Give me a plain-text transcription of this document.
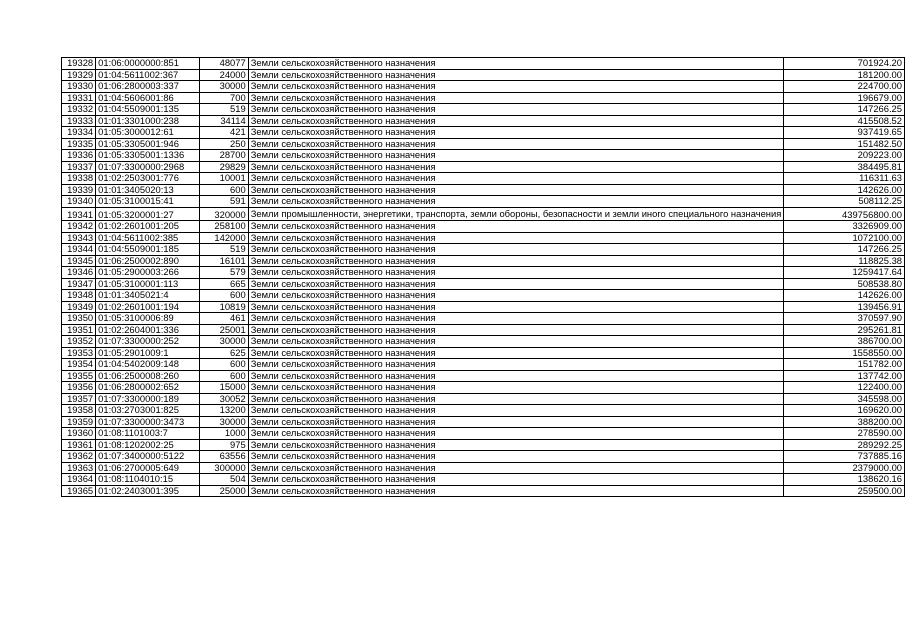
19328	01:06:0000000:851	48077	Земли сельскохозяйственного назначения	701924.20
19329	01:04:5611002:367	24000	Земли сельскохозяйственного назначения	181200.00
19330	01:06:2800003:337	30000	Земли сельскохозяйственного назначения	224700.00
19331	01:04:5606001:86	700	Земли сельскохозяйственного назначения	196679.00
19332	01:04:5509001:135	519	Земли сельскохозяйственного назначения	147266.25
19333	01:01:3301000:238	34114	Земли сельскохозяйственного назначения	415508.52
19334	01:05:3000012:61	421	Земли сельскохозяйственного назначения	937419.65
19335	01:05:3305001:946	250	Земли сельскохозяйственного назначения	151482.50
19336	01:05:3305001:1336	28700	Земли сельскохозяйственного назначения	209223.00
19337	01:07:3300000:2968	29829	Земли сельскохозяйственного назначения	384495.81
19338	01:02:2503001:776	10001	Земли сельскохозяйственного назначения	116311.63
19339	01:01:3405020:13	600	Земли сельскохозяйственного назначения	142626.00
19340	01:05:3100015:41	591	Земли сельскохозяйственного назначения	508112.25
19341	01:05:3200001:27	320000	Земли промышленности, энергетики, транспорта, земли обороны, безопасности и земли иного специального назначения	439756800.00
19342	01:02:2601001:205	258100	Земли сельскохозяйственного назначения	3326909.00
19343	01:04:5611002:385	142000	Земли сельскохозяйственного назначения	1072100.00
19344	01:04:5509001:185	519	Земли сельскохозяйственного назначения	147266.25
19345	01:06:2500002:890	16101	Земли сельскохозяйственного назначения	118825.38
19346	01:05:2900003:266	579	Земли сельскохозяйственного назначения	1259417.64
19347	01:05:3100001:113	665	Земли сельскохозяйственного назначения	508538.80
19348	01:01:3405021:4	600	Земли сельскохозяйственного назначения	142626.00
19349	01:02:2601001:194	10819	Земли сельскохозяйственного назначения	139456.91
19350	01:05:3100006:89	461	Земли сельскохозяйственного назначения	370597.90
19351	01:02:2604001:336	25001	Земли сельскохозяйственного назначения	295261.81
19352	01:07:3300000:252	30000	Земли сельскохозяйственного назначения	386700.00
19353	01:05:2901009:1	625	Земли сельскохозяйственного назначения	1558550.00
19354	01:04:5402009:148	600	Земли сельскохозяйственного назначения	151782.00
19355	01:06:2500008:260	600	Земли сельскохозяйственного назначения	137742.00
19356	01:06:2800002:652	15000	Земли сельскохозяйственного назначения	122400.00
19357	01:07:3300000:189	30052	Земли сельскохозяйственного назначения	345598.00
19358	01:03:2703001:825	13200	Земли сельскохозяйственного назначения	169620.00
19359	01:07:3300000:3473	30000	Земли сельскохозяйственного назначения	388200.00
19360	01:08:1101003:7	1000	Земли сельскохозяйственного назначения	278590.00
19361	01:08:1202002:25	975	Земли сельскохозяйственного назначения	289292.25
19362	01:07:3400000:5122	63556	Земли сельскохозяйственного назначения	737885.16
19363	01:06:2700005:649	300000	Земли сельскохозяйственного назначения	2379000.00
19364	01:08:1104010:15	504	Земли сельскохозяйственного назначения	138620.16
19365	01:02:2403001:395	25000	Земли сельскохозяйственного назначения	259500.00
